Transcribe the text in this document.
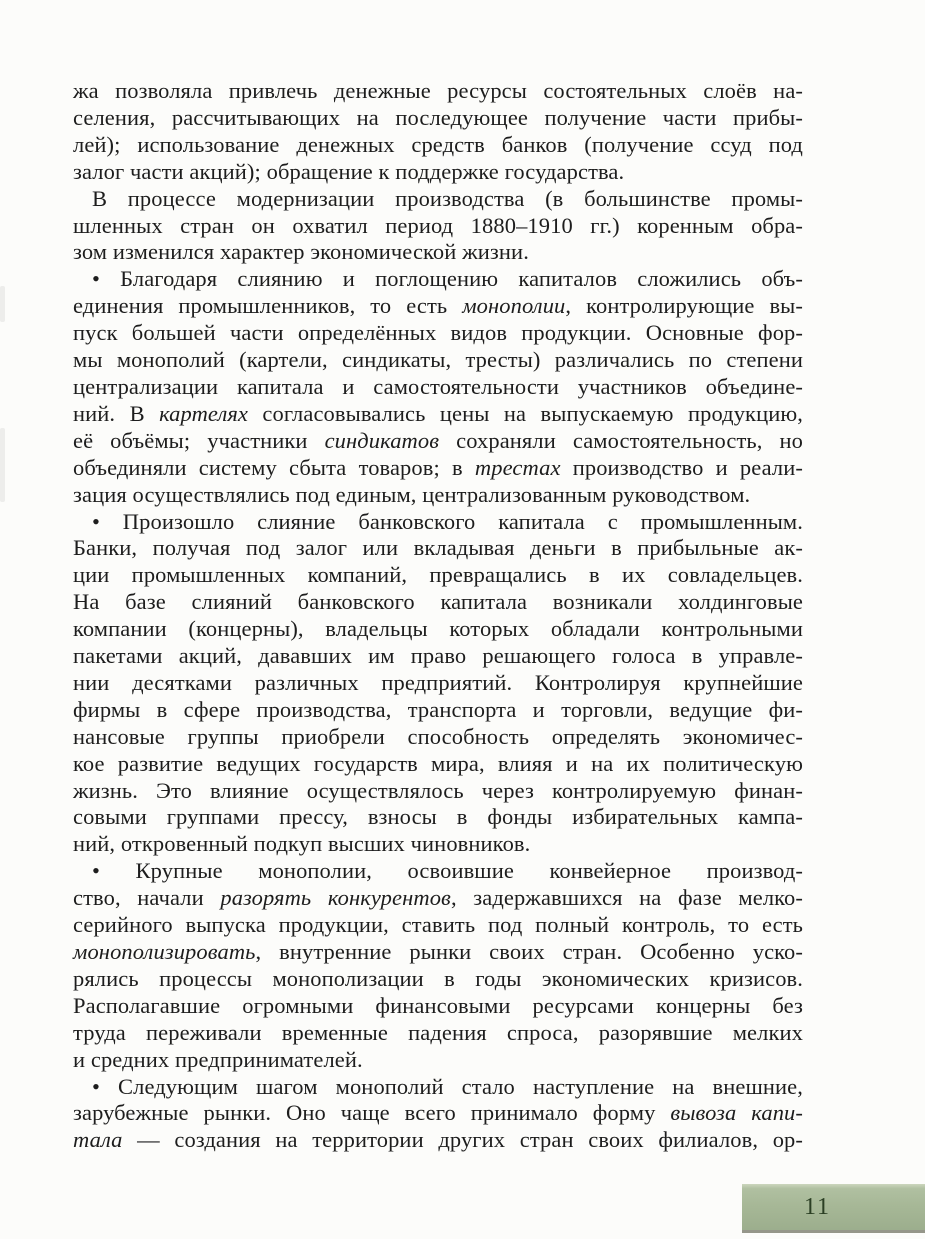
жа позволяла привлечь денежные ресурсы состоятельных слоёв на-
селения, рассчитывающих на последующее получение части прибы-
лей); использование денежных средств банков (получение ссуд под
залог части акций); обращение к поддержке государства.
В процессе модернизации производства (в большинстве промы-
шленных стран он охватил период 1880–1910 гг.) коренным обра-
зом изменился характер экономической жизни.
• Благодаря слиянию и поглощению капиталов сложились объ-
единения промышленников, то есть монополии, контролирующие вы-
пуск большей части определённых видов продукции. Основные фор-
мы монополий (картели, синдикаты, тресты) различались по степени
централизации капитала и самостоятельности участников объедине-
ний. В картелях согласовывались цены на выпускаемую продукцию,
её объёмы; участники синдикатов сохраняли самостоятельность, но
объединяли систему сбыта товаров; в трестах производство и реали-
зация осуществлялись под единым, централизованным руководством.
• Произошло слияние банковского капитала с промышленным.
Банки, получая под залог или вкладывая деньги в прибыльные ак-
ции промышленных компаний, превращались в их совладельцев.
На базе слияний банковского капитала возникали холдинговые
компании (концерны), владельцы которых обладали контрольными
пакетами акций, дававших им право решающего голоса в управле-
нии десятками различных предприятий. Контролируя крупнейшие
фирмы в сфере производства, транспорта и торговли, ведущие фи-
нансовые группы приобрели способность определять экономичес-
кое развитие ведущих государств мира, влияя и на их политическую
жизнь. Это влияние осуществлялось через контролируемую финан-
совыми группами прессу, взносы в фонды избирательных кампа-
ний, откровенный подкуп высших чиновников.
• Крупные монополии, освоившие конвейерное производ-
ство, начали разорять конкурентов, задержавшихся на фазе мелко-
серийного выпуска продукции, ставить под полный контроль, то есть
монополизировать, внутренние рынки своих стран. Особенно уско-
рялись процессы монополизации в годы экономических кризисов.
Располагавшие огромными финансовыми ресурсами концерны без
труда переживали временные падения спроса, разорявшие мелких
и средних предпринимателей.
• Следующим шагом монополий стало наступление на внешние,
зарубежные рынки. Оно чаще всего принимало форму вывоза капи-
тала — создания на территории других стран своих филиалов, ор-
11
